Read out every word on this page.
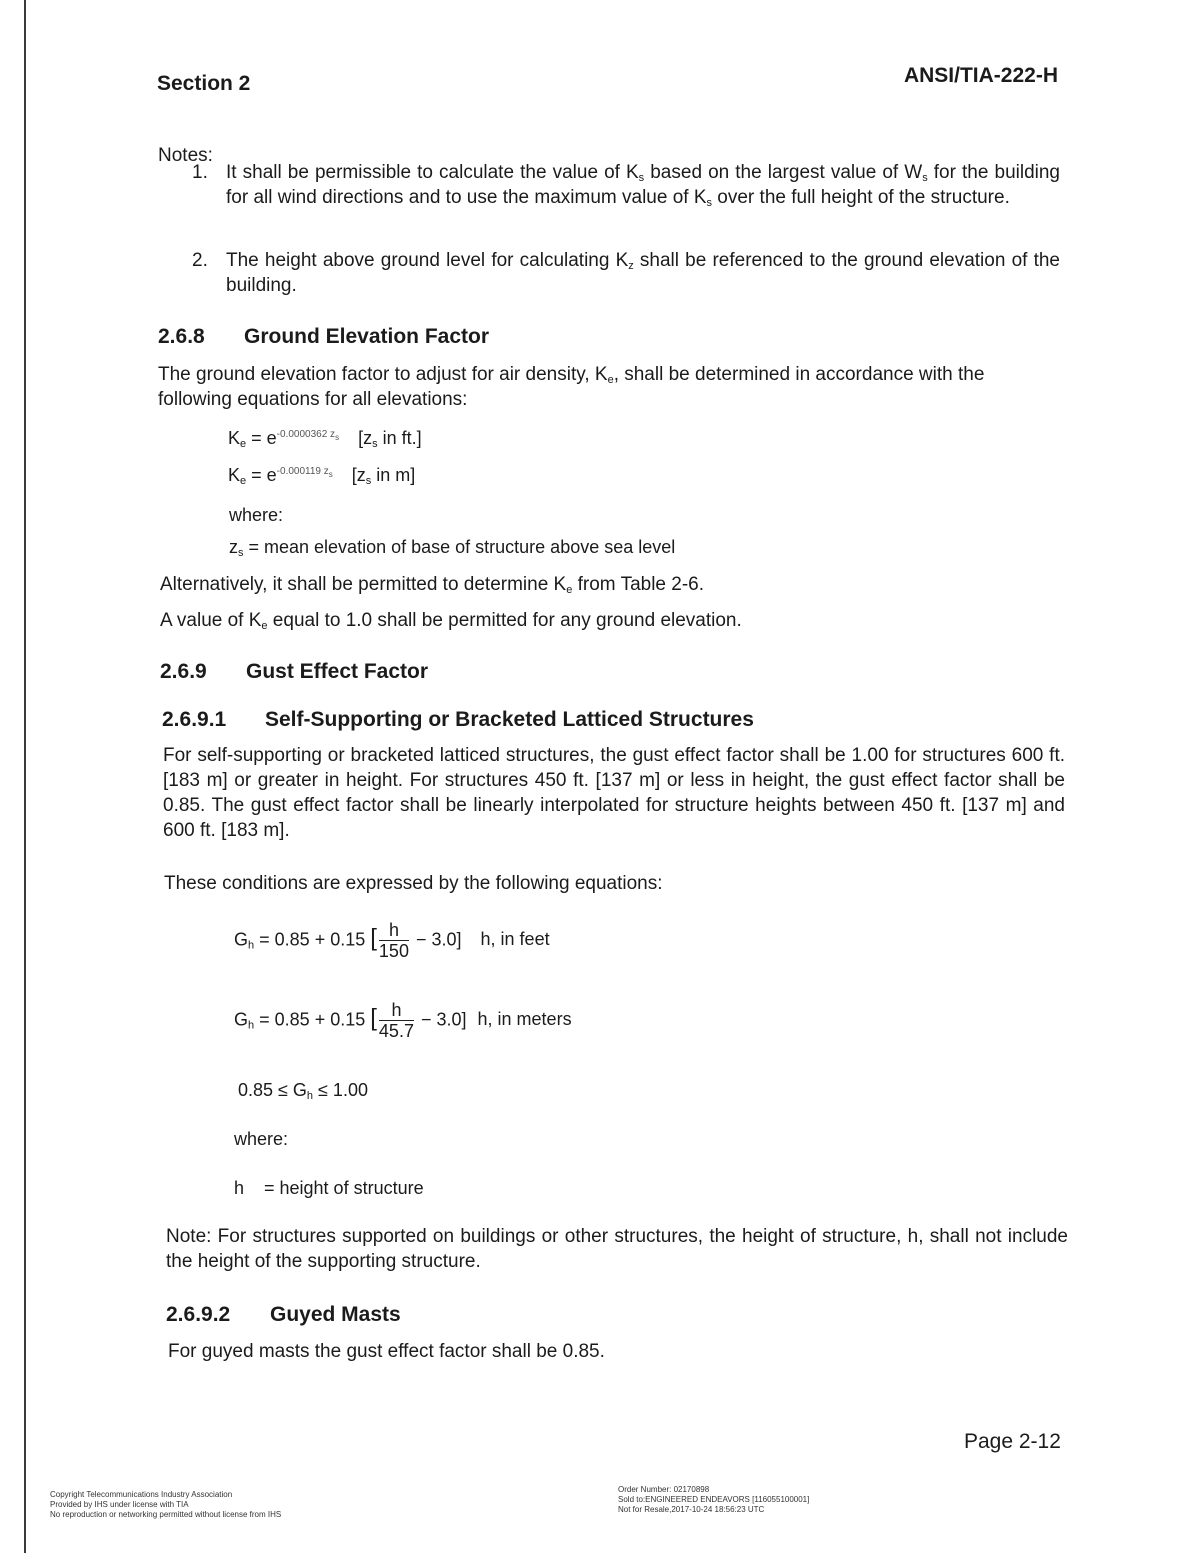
Section 2	ANSI/TIA-222-H
Notes:
1. It shall be permissible to calculate the value of $K_s$ based on the largest value of $W_s$ for the building for all wind directions and to use the maximum value of $K_s$ over the full height of the structure.
2. The height above ground level for calculating $K_z$ shall be referenced to the ground elevation of the building.
2.6.8 Ground Elevation Factor
The ground elevation factor to adjust for air density, $K_e$, shall be determined in accordance with the following equations for all elevations:
$K_e = e^{-0.0000362 z_s}$ [$z_s$ in ft.]
$K_e = e^{-0.000119 z_s}$ [$z_s$ in m]
where:
$z_s$ = mean elevation of base of structure above sea level
Alternatively, it shall be permitted to determine $K_e$ from Table 2-6.
A value of $K_e$ equal to 1.0 shall be permitted for any ground elevation.
2.6.9 Gust Effect Factor
2.6.9.1 Self-Supporting or Bracketed Latticed Structures
For self-supporting or bracketed latticed structures, the gust effect factor shall be 1.00 for structures 600 ft. [183 m] or greater in height. For structures 450 ft. [137 m] or less in height, the gust effect factor shall be 0.85. The gust effect factor shall be linearly interpolated for structure heights between 450 ft. [137 m] and 600 ft. [183 m].
These conditions are expressed by the following equations:
$G_h = 0.85 + 0.15$ [ $\frac{h}{150} - 3.0$] h, in feet
$G_h = 0.85 + 0.15$ [ $\frac{h}{45.7} - 3.0$] h, in meters
$0.85 \le G_h \le 1.00$
where:
h = height of structure
Note: For structures supported on buildings or other structures, the height of structure, h, shall not include the height of the supporting structure.
2.6.9.2 Guyed Masts
For guyed masts the gust effect factor shall be 0.85.
Page 2-12
Copyright Telecommunications Industry Association
Provided by IHS under license with TIA
No reproduction or networking permitted without license from IHS
Order Number: 02170898
Sold to:ENGINEERED ENDEAVORS [116055100001]
Not for Resale,2017-10-24 18:56:23 UTC
